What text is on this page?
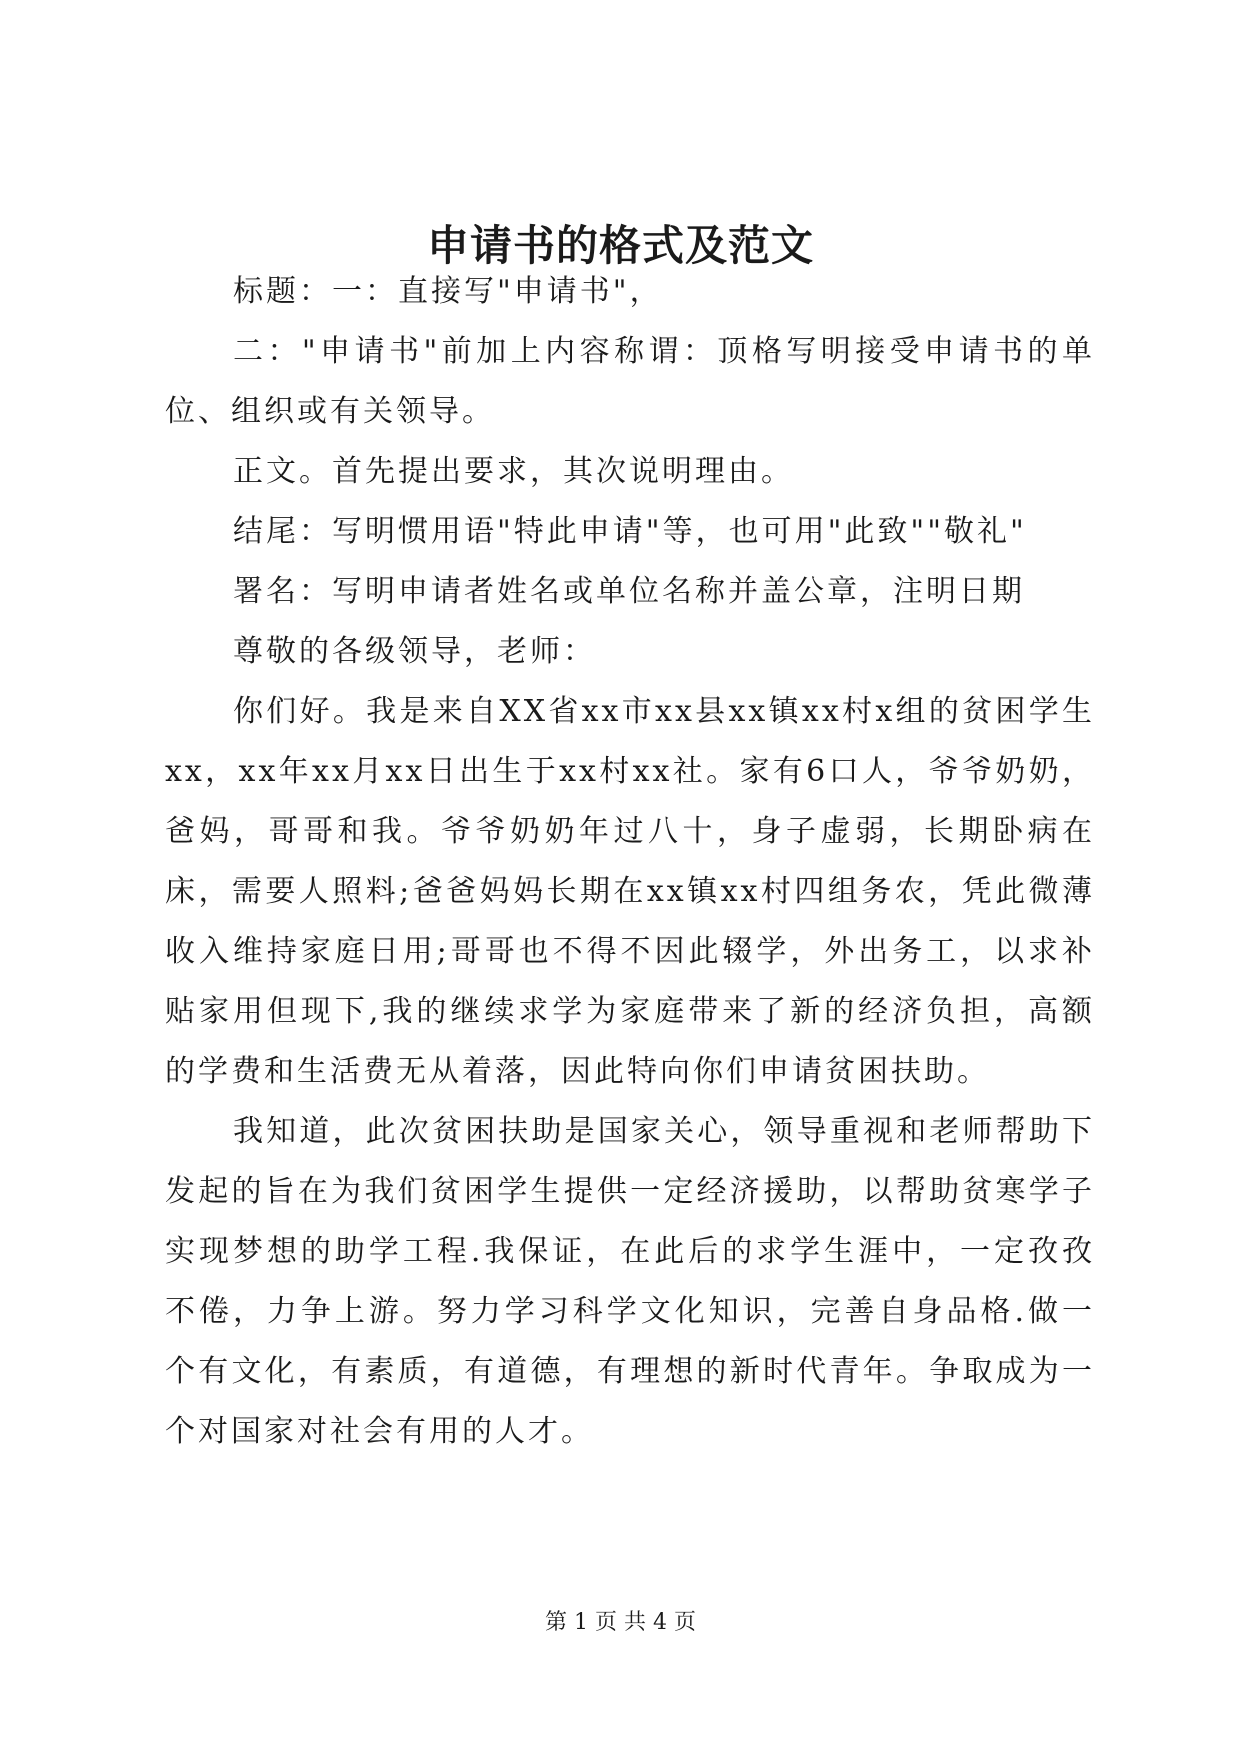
申请书的格式及范文

标题：一：直接写"申请书"，

二："申请书"前加上内容称谓：顶格写明接受申请书的单位、组织或有关领导。

正文。首先提出要求，其次说明理由。

结尾：写明惯用语"特此申请"等，也可用"此致""敬礼"

署名：写明申请者姓名或单位名称并盖公章，注明日期

尊敬的各级领导，老师：

你们好。我是来自XX省xx市xx县xx镇xx村x组的贫困学生xx，xx年xx月xx日出生于xx村xx社。家有6口人，爷爷奶奶，爸妈，哥哥和我。爷爷奶奶年过八十，身子虚弱，长期卧病在床，需要人照料;爸爸妈妈长期在xx镇xx村四组务农，凭此微薄收入维持家庭日用;哥哥也不得不因此辍学，外出务工，以求补贴家用但现下,我的继续求学为家庭带来了新的经济负担，高额的学费和生活费无从着落，因此特向你们申请贫困扶助。

我知道，此次贫困扶助是国家关心，领导重视和老师帮助下发起的旨在为我们贫困学生提供一定经济援助，以帮助贫寒学子实现梦想的助学工程.我保证，在此后的求学生涯中，一定孜孜不倦，力争上游。努力学习科学文化知识，完善自身品格.做一个有文化，有素质，有道德，有理想的新时代青年。争取成为一个对国家对社会有用的人才。

第 1 页 共 4 页
